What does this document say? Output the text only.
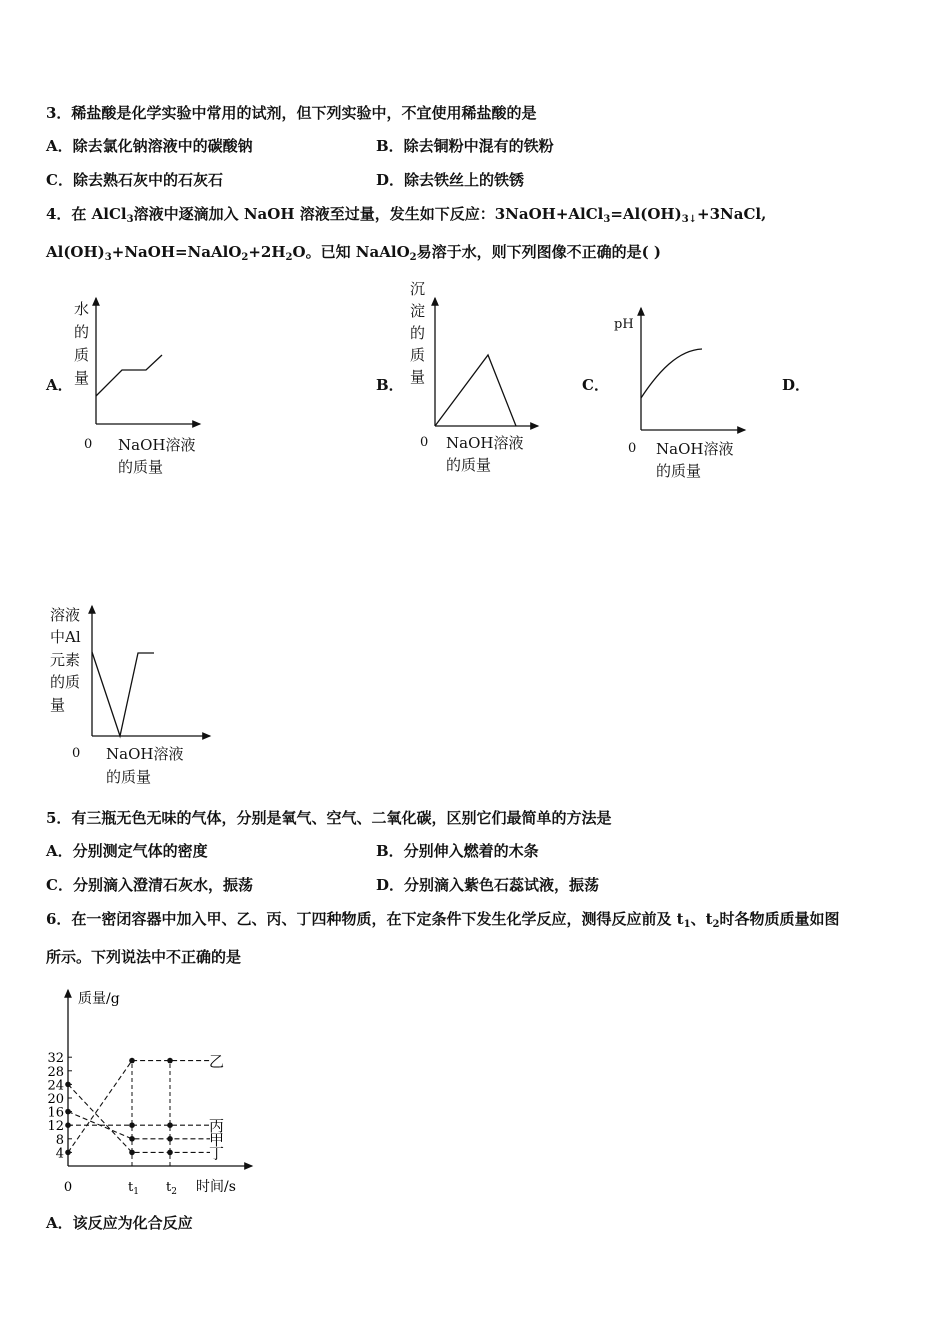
3．稀盐酸是化学实验中常用的试剂，但下列实验中，不宜使用稀盐酸的是
A．除去氯化钠溶液中的碳酸钠	B．除去铜粉中混有的铁粉
C．除去熟石灰中的石灰石	D．除去铁丝上的铁锈
4．在 AlCl$_3$溶液中逐滴加入 NaOH 溶液至过量，发生如下反应：$3NaOH+AlCl_3=Al(OH)_{3↓}+3NaCl$,
$Al(OH)_3+NaOH=NaAlO_2+2H_2O$。已知 NaAlO$_2$易溶于水，则下列图像不正确的是( )
A．	B．	C．	D．
水
的
质
量
0 NaOH溶液
的质量
沉
淀
的
质
量
0 NaOH溶液
的质量
pH
0 NaOH溶液
的质量
溶液
中Al
元素
的质
量
0 NaOH溶液
的质量
5．有三瓶无色无味的气体，分别是氧气、空气、二氧化碳，区别它们最简单的方法是
A．分别测定气体的密度	B．分别伸入燃着的木条
C．分别滴入澄清石灰水，振荡	D．分别滴入紫色石蕊试液，振荡
6．在一密闭容器中加入甲、乙、丙、丁四种物质，在下定条件下发生化学反应，测得反应前及 $t_1$、$t_2$时各物质质量如图
所示。下列说法中不正确的是
质量/g
时间/s
4
8
12
16
20
24
28
32
0	$t_1$ $t_2$
乙
丙
甲
丁
A．该反应为化合反应
